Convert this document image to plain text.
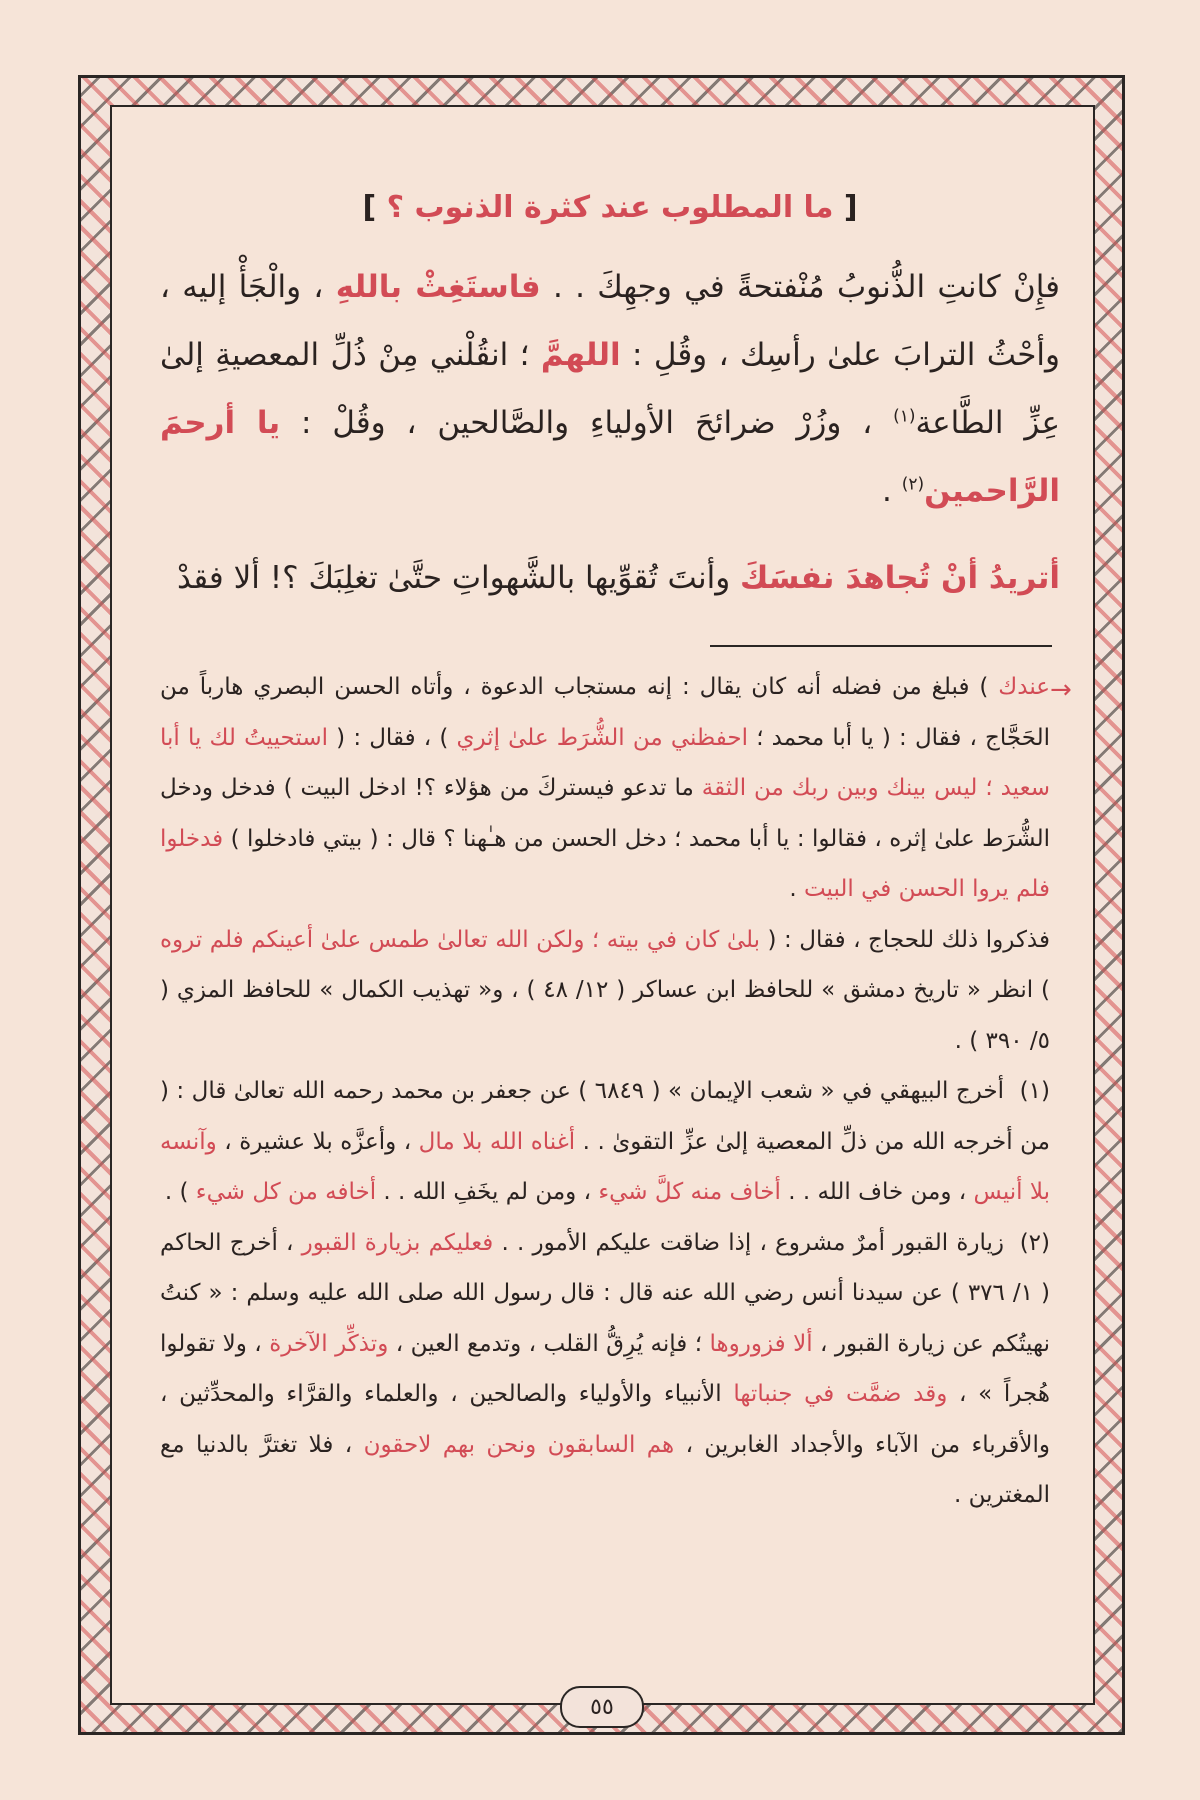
٥٥
[ ما المطلوب عند كثرة الذنوب ؟ ]

فإِنْ كانتِ الذُّنوبُ مُنْفتحةً في وجهِكَ . . فاستَغِثْ باللهِ ، والْجَأْ إليه ، وأحْثُ الترابَ علىٰ رأسِك ، وقُلِ : اللهمَّ ؛ انقُلْني مِنْ ذُلِّ المعصيةِ إلىٰ عِزِّ الطَّاعة$^{(١)}$ ، وزُرْ ضرائحَ الأولياءِ والصَّالحين ، وقُلْ : يا أرحمَ الرَّاحمين$^{(٢)}$ .

أتريدُ أنْ تُجاهدَ نفسَكَ وأنتَ تُقوِّيها بالشَّهواتِ حتَّىٰ تغلِبَكَ ؟! ألا فقدْ

→

عندك ) فبلغ من فضله أنه كان يقال : إنه مستجاب الدعوة ، وأتاه الحسن البصري هارباً من الحَجَّاج ، فقال : ( يا أبا محمد ؛ احفظني من الشُّرَط علىٰ إثري ) ، فقال : ( استحييتُ لك يا أبا سعيد ؛ ليس بينك وبين ربك من الثقة ما تدعو فيستركَ من هؤلاء ؟! ادخل البيت ) فدخل ودخل الشُّرَط علىٰ إثره ، فقالوا : يا أبا محمد ؛ دخل الحسن من هـٰهنا ؟ قال : ( بيتي فادخلوا ) فدخلوا فلم يروا الحسن في البيت .

فذكروا ذلك للحجاج ، فقال : ( بلىٰ كان في بيته ؛ ولكن الله تعالىٰ طمس علىٰ أعينكم فلم تروه ) انظر « تاريخ دمشق » للحافظ ابن عساكر ( ١٢/ ٤٨ ) ، و« تهذيب الكمال » للحافظ المزي ( ٥/ ٣٩٠ ) .

(١)أخرج البيهقي في « شعب الإيمان » ( ٦٨٤٩ ) عن جعفر بن محمد رحمه الله تعالىٰ قال : ( من أخرجه الله من ذلِّ المعصية إلىٰ عزِّ التقوىٰ . . أغناه الله بلا مال ، وأعزَّه بلا عشيرة ، وآنسه بلا أنيس ، ومن خاف الله . . أخاف منه كلَّ شيء ، ومن لم يخَفِ الله . . أخافه من كل شيء ) .

(٢)زيارة القبور أمرٌ مشروع ، إذا ضاقت عليكم الأمور . . فعليكم بزيارة القبور ، أخرج الحاكم ( ١/ ٣٧٦ ) عن سيدنا أنس رضي الله عنه قال : قال رسول الله صلى الله عليه وسلم : « كنتُ نهيتُكم عن زيارة القبور ، ألا فزوروها ؛ فإنه يُرِقُّ القلب ، وتدمع العين ، وتذكِّر الآخرة ، ولا تقولوا هُجراً » ، وقد ضمَّت في جنباتها الأنبياء والأولياء والصالحين ، والعلماء والقرَّاء والمحدِّثين ، والأقرباء من الآباء والأجداد الغابرين ، هم السابقون ونحن بهم لاحقون ، فلا تغترَّ بالدنيا مع المغترين .
